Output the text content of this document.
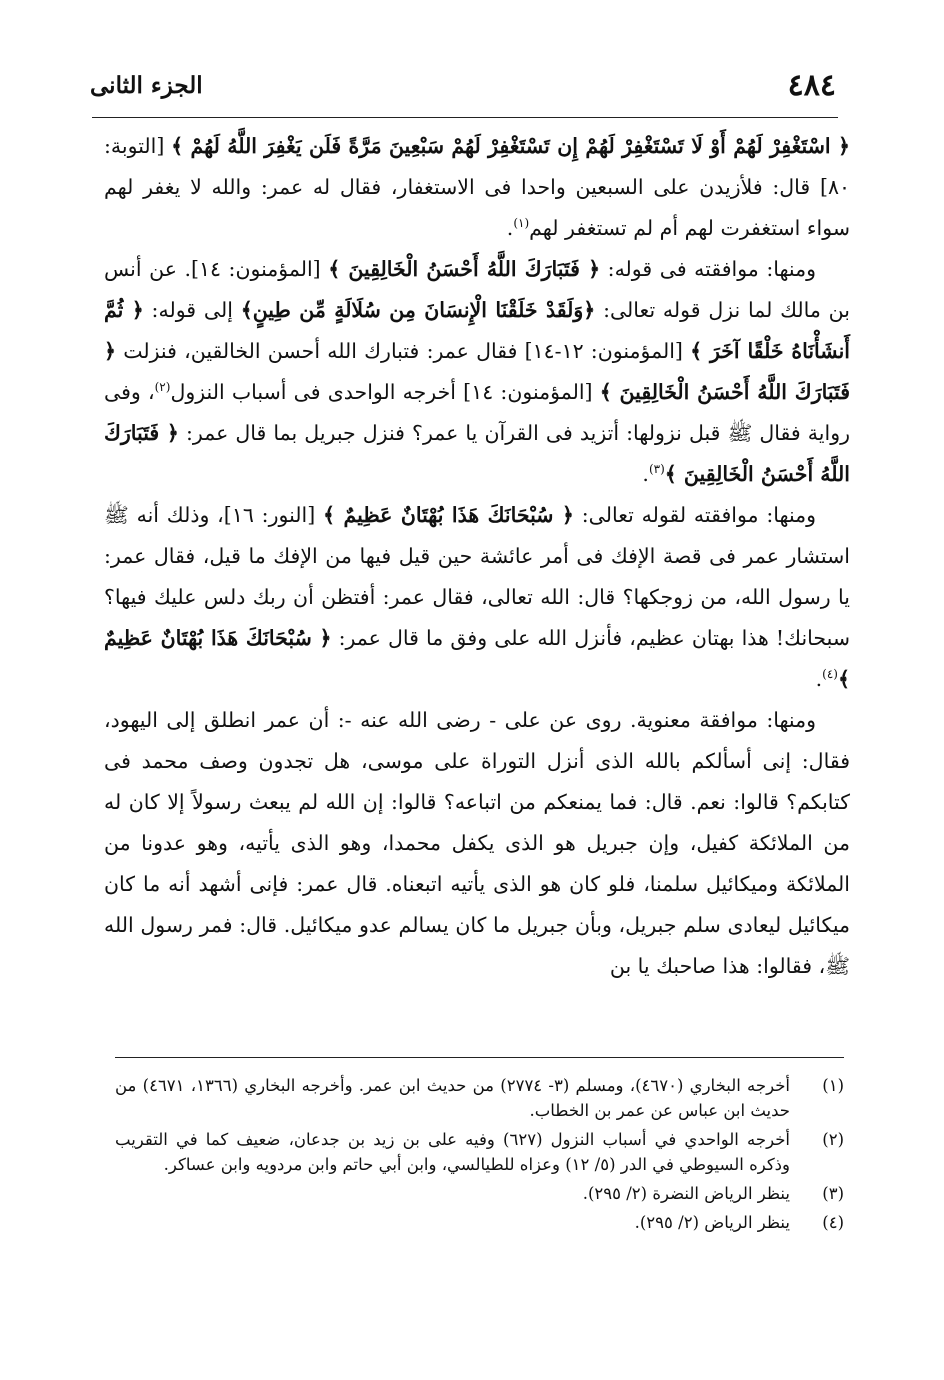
٤٨٤
الجزء الثانى

﴿ اسْتَغْفِرْ لَهُمْ أَوْ لَا تَسْتَغْفِرْ لَهُمْ إِن تَسْتَغْفِرْ لَهُمْ سَبْعِينَ مَرَّةً فَلَن يَغْفِرَ اللَّهُ لَهُمْ ﴾ [التوبة: ٨٠] قال: فلأزيدن على السبعين واحدا فى الاستغفار، فقال له عمر: والله لا يغفر لهم سواء استغفرت لهم أم لم تستغفر لهم$^{(١)}$.

ومنها: موافقته فى قوله: ﴿ فَتَبَارَكَ اللَّهُ أَحْسَنُ الْخَالِقِينَ ﴾ [المؤمنون: ١٤]. عن أنس بن مالك لما نزل قوله تعالى: ﴿وَلَقَدْ خَلَقْنَا الْإِنسَانَ مِن سُلَالَةٍ مِّن طِينٍ﴾ إلى قوله: ﴿ ثُمَّ أَنشَأْنَاهُ خَلْقًا آخَرَ ﴾ [المؤمنون: ١٢-١٤] فقال عمر: فتبارك الله أحسن الخالقين، فنزلت ﴿ فَتَبَارَكَ اللَّهُ أَحْسَنُ الْخَالِقِينَ ﴾ [المؤمنون: ١٤] أخرجه الواحدى فى أسباب النزول$^{(٢)}$، وفى رواية فقال ﷺ قبل نزولها: أتزيد فى القرآن يا عمر؟ فنزل جبريل بما قال عمر: ﴿ فَتَبَارَكَ اللَّهُ أَحْسَنُ الْخَالِقِينَ ﴾$^{(٣)}$.

ومنها: موافقته لقوله تعالى: ﴿ سُبْحَانَكَ هَذَا بُهْتَانٌ عَظِيمٌ ﴾ [النور: ١٦]، وذلك أنه ﷺ استشار عمر فى قصة الإفك فى أمر عائشة حين قيل فيها من الإفك ما قيل، فقال عمر: يا رسول الله، من زوجكها؟ قال: الله تعالى، فقال عمر: أفتظن أن ربك دلس عليك فيها؟ سبحانك! هذا بهتان عظيم، فأنزل الله على وفق ما قال عمر: ﴿ سُبْحَانَكَ هَذَا بُهْتَانٌ عَظِيمٌ ﴾$^{(٤)}$.

ومنها: موافقة معنوية. روى عن على - رضى الله عنه -: أن عمر انطلق إلى اليهود، فقال: إنى أسألكم بالله الذى أنزل التوراة على موسى، هل تجدون وصف محمد فى كتابكم؟ قالوا: نعم. قال: فما يمنعكم من اتباعه؟ قالوا: إن الله لم يبعث رسولاً إلا كان له من الملائكة كفيل، وإن جبريل هو الذى يكفل محمدا، وهو الذى يأتيه، وهو عدونا من الملائكة وميكائيل سلمنا، فلو كان هو الذى يأتيه اتبعناه. قال عمر: فإنى أشهد أنه ما كان ميكائيل ليعادى سلم جبريل، وبأن جبريل ما كان يسالم عدو ميكائيل. قال: فمر رسول الله ﷺ، فقالوا: هذا صاحبك يا بن

(١)
أخرجه البخاري (٤٦٧٠)، ومسلم (٣- ٢٧٧٤) من حديث ابن عمر. وأخرجه البخاري (١٣٦٦، ٤٦٧١) من حديث ابن عباس عن عمر بن الخطاب.
(٢)
أخرجه الواحدي في أسباب النزول (٦٢٧) وفيه على بن زيد بن جدعان، ضعيف كما في التقريب وذكره السيوطي في الدر (٥/ ١٢) وعزاه للطيالسي، وابن أبي حاتم وابن مردويه وابن عساكر.
(٣)
ينظر الرياض النضرة (٢/ ٢٩٥).
(٤)
ينظر الرياض (٢/ ٢٩٥).
